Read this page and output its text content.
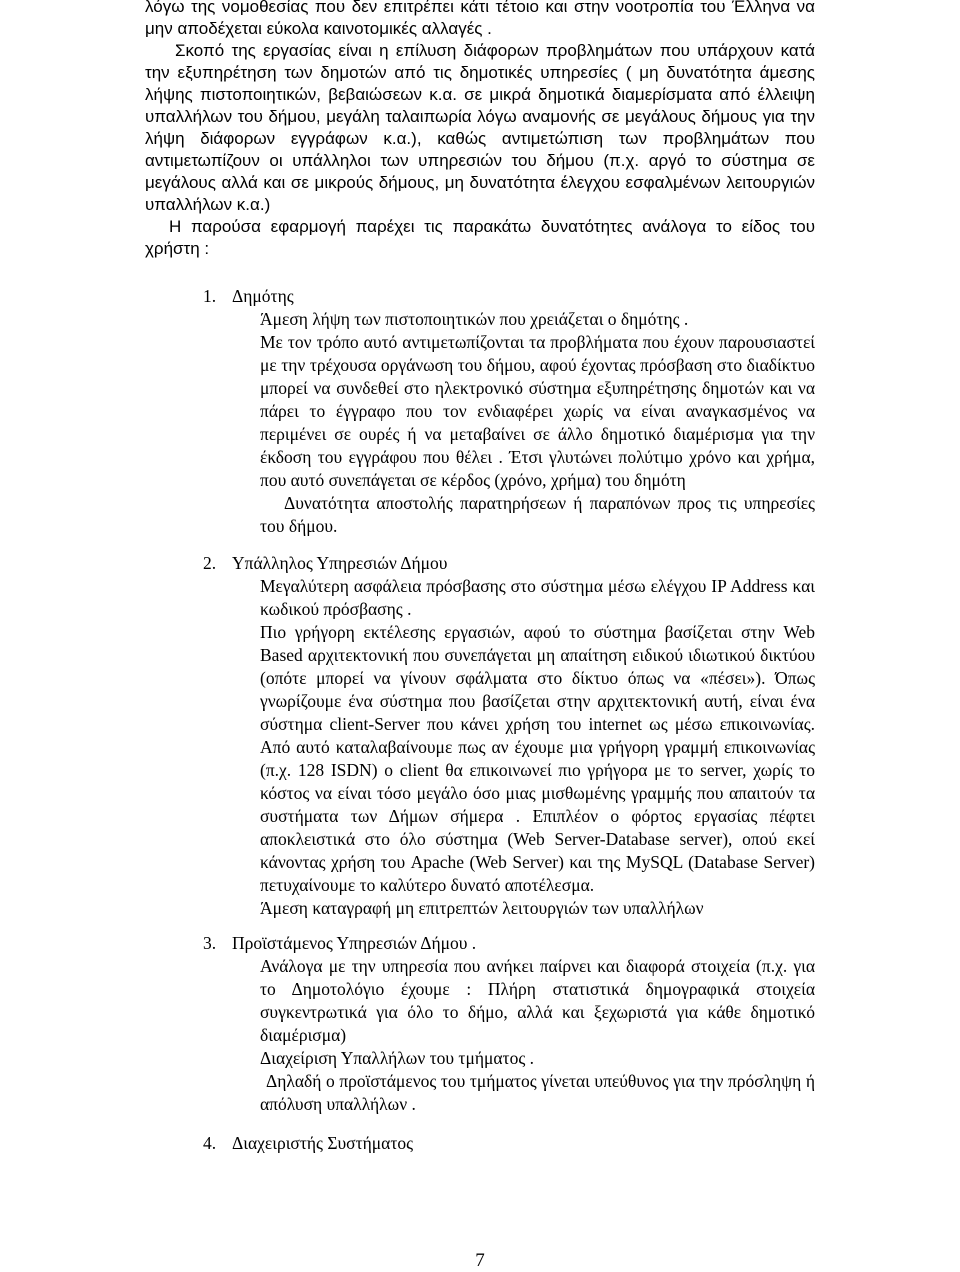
λόγω της νομοθεσίας που δεν επιτρέπει κάτι τέτοιο και στην νοοτροπία του Έλληνα να μην αποδέχεται εύκολα καινοτομικές αλλαγές .

Σκοπό της εργασίας είναι η επίλυση διάφορων προβλημάτων που υπάρχουν κατά την εξυπηρέτηση των δημοτών από τις δημοτικές υπηρεσίες ( μη δυνατότητα άμεσης λήψης πιστοποιητικών, βεβαιώσεων κ.α. σε μικρά δημοτικά διαμερίσματα από έλλειψη υπαλλήλων του δήμου, μεγάλη ταλαιπωρία λόγω αναμονής σε μεγάλους δήμους για την λήψη διάφορων εγγράφων κ.α.), καθώς αντιμετώπιση των προβλημάτων που αντιμετωπίζουν οι υπάλληλοι των υπηρεσιών του δήμου (π.χ. αργό το σύστημα σε μεγάλους αλλά και σε μικρούς δήμους, μη δυνατότητα έλεγχου εσφαλμένων λειτουργιών υπαλλήλων κ.α.)

Η παρούσα εφαρμογή παρέχει τις παρακάτω δυνατότητες ανάλογα το είδος του χρήστη :

1. Δημότης

Άμεση λήψη των πιστοποιητικών που χρειάζεται ο δημότης .

Με τον τρόπο αυτό αντιμετωπίζονται τα προβλήματα που έχουν παρουσιαστεί με την τρέχουσα οργάνωση του δήμου, αφού έχοντας πρόσβαση στο διαδίκτυο μπορεί να συνδεθεί στο ηλεκτρονικό σύστημα εξυπηρέτησης δημοτών και να πάρει το έγγραφο που τον ενδιαφέρει χωρίς να είναι αναγκασμένος να περιμένει σε ουρές ή να μεταβαίνει σε άλλο δημοτικό διαμέρισμα για την έκδοση του εγγράφου που θέλει . Έτσι γλυτώνει πολύτιμο χρόνο και χρήμα, που αυτό συνεπάγεται σε κέρδος (χρόνο, χρήμα) του δημότη

Δυνατότητα αποστολής παρατηρήσεων ή παραπόνων προς τις υπηρεσίες του δήμου.

2. Υπάλληλος Υπηρεσιών Δήμου

Μεγαλύτερη ασφάλεια πρόσβασης στο σύστημα μέσω ελέγχου IP Address και κωδικού πρόσβασης .

Πιο γρήγορη εκτέλεσης εργασιών, αφού το σύστημα βασίζεται στην Web Based αρχιτεκτονική που συνεπάγεται μη απαίτηση ειδικού ιδιωτικού δικτύου (οπότε μπορεί να γίνουν σφάλματα στο δίκτυο όπως να «πέσει»). Όπως γνωρίζουμε ένα σύστημα που βασίζεται στην αρχιτεκτονική αυτή, είναι ένα σύστημα client-Server που κάνει χρήση του internet ως μέσω επικοινωνίας. Από αυτό καταλαβαίνουμε πως αν έχουμε μια γρήγορη γραμμή επικοινωνίας (π.χ. 128 ISDN) ο client θα επικοινωνεί πιο γρήγορα με το server, χωρίς το κόστος να είναι τόσο μεγάλο όσο μιας μισθωμένης γραμμής που απαιτούν τα συστήματα των Δήμων σήμερα . Επιπλέον ο φόρτος εργασίας πέφτει αποκλειστικά στο όλο σύστημα (Web Server-Database server), οπού εκεί κάνοντας χρήση του Apache (Web Server) και της MySQL (Database Server) πετυχαίνουμε το καλύτερο δυνατό αποτέλεσμα.

Άμεση καταγραφή μη επιτρεπτών λειτουργιών των υπαλλήλων

3. Προϊστάμενος Υπηρεσιών Δήμου .

Ανάλογα με την υπηρεσία που ανήκει παίρνει και διαφορά στοιχεία (π.χ. για το Δημοτολόγιο έχουμε : Πλήρη στατιστικά δημογραφικά στοιχεία συγκεντρωτικά για όλο το δήμο, αλλά και ξεχωριστά για κάθε δημοτικό διαμέρισμα)

Διαχείριση Υπαλλήλων του τμήματος .

Δηλαδή ο προϊστάμενος του τμήματος γίνεται υπεύθυνος για την πρόσληψη ή απόλυση υπαλλήλων .

4. Διαχειριστής Συστήματος

7
